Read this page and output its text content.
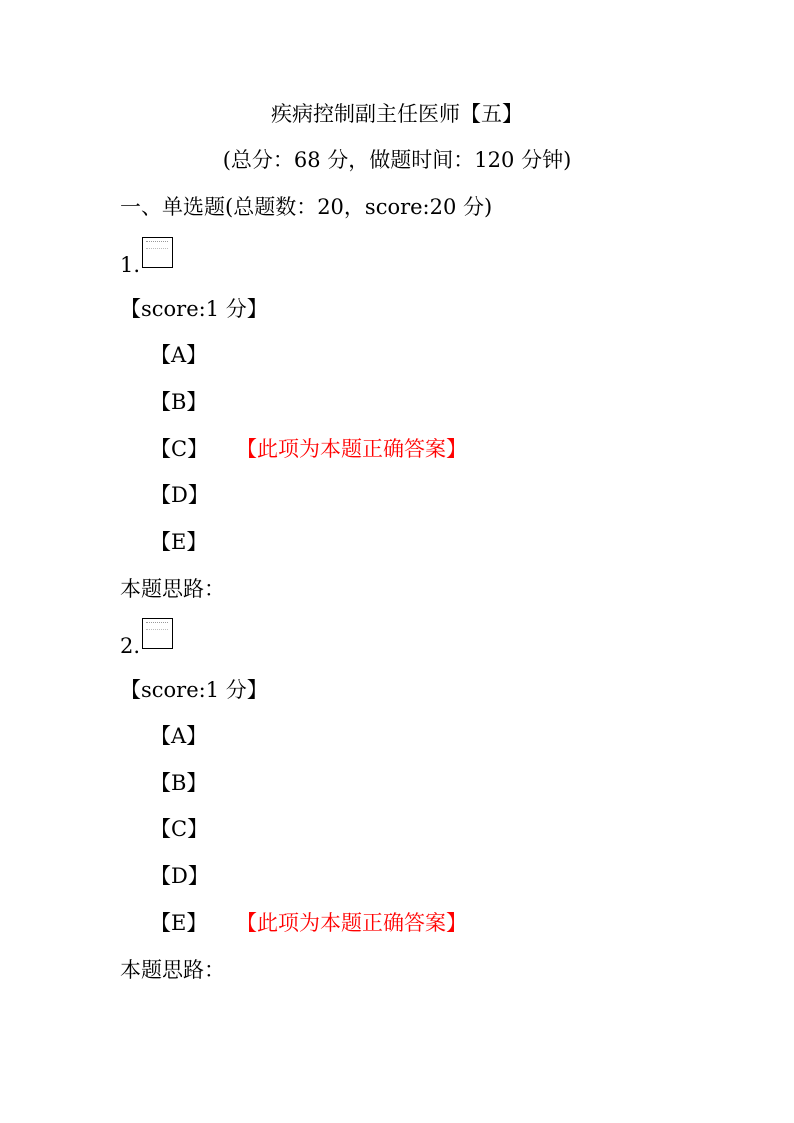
疾病控制副主任医师【五】
(总分：68 分，做题时间：120 分钟)
一、单选题(总题数：20，score:20 分)
1.
【score:1 分】
【A】
【B】
【C】 【此项为本题正确答案】
【D】
【E】
本题思路：
2.
【score:1 分】
【A】
【B】
【C】
【D】
【E】 【此项为本题正确答案】
本题思路：
